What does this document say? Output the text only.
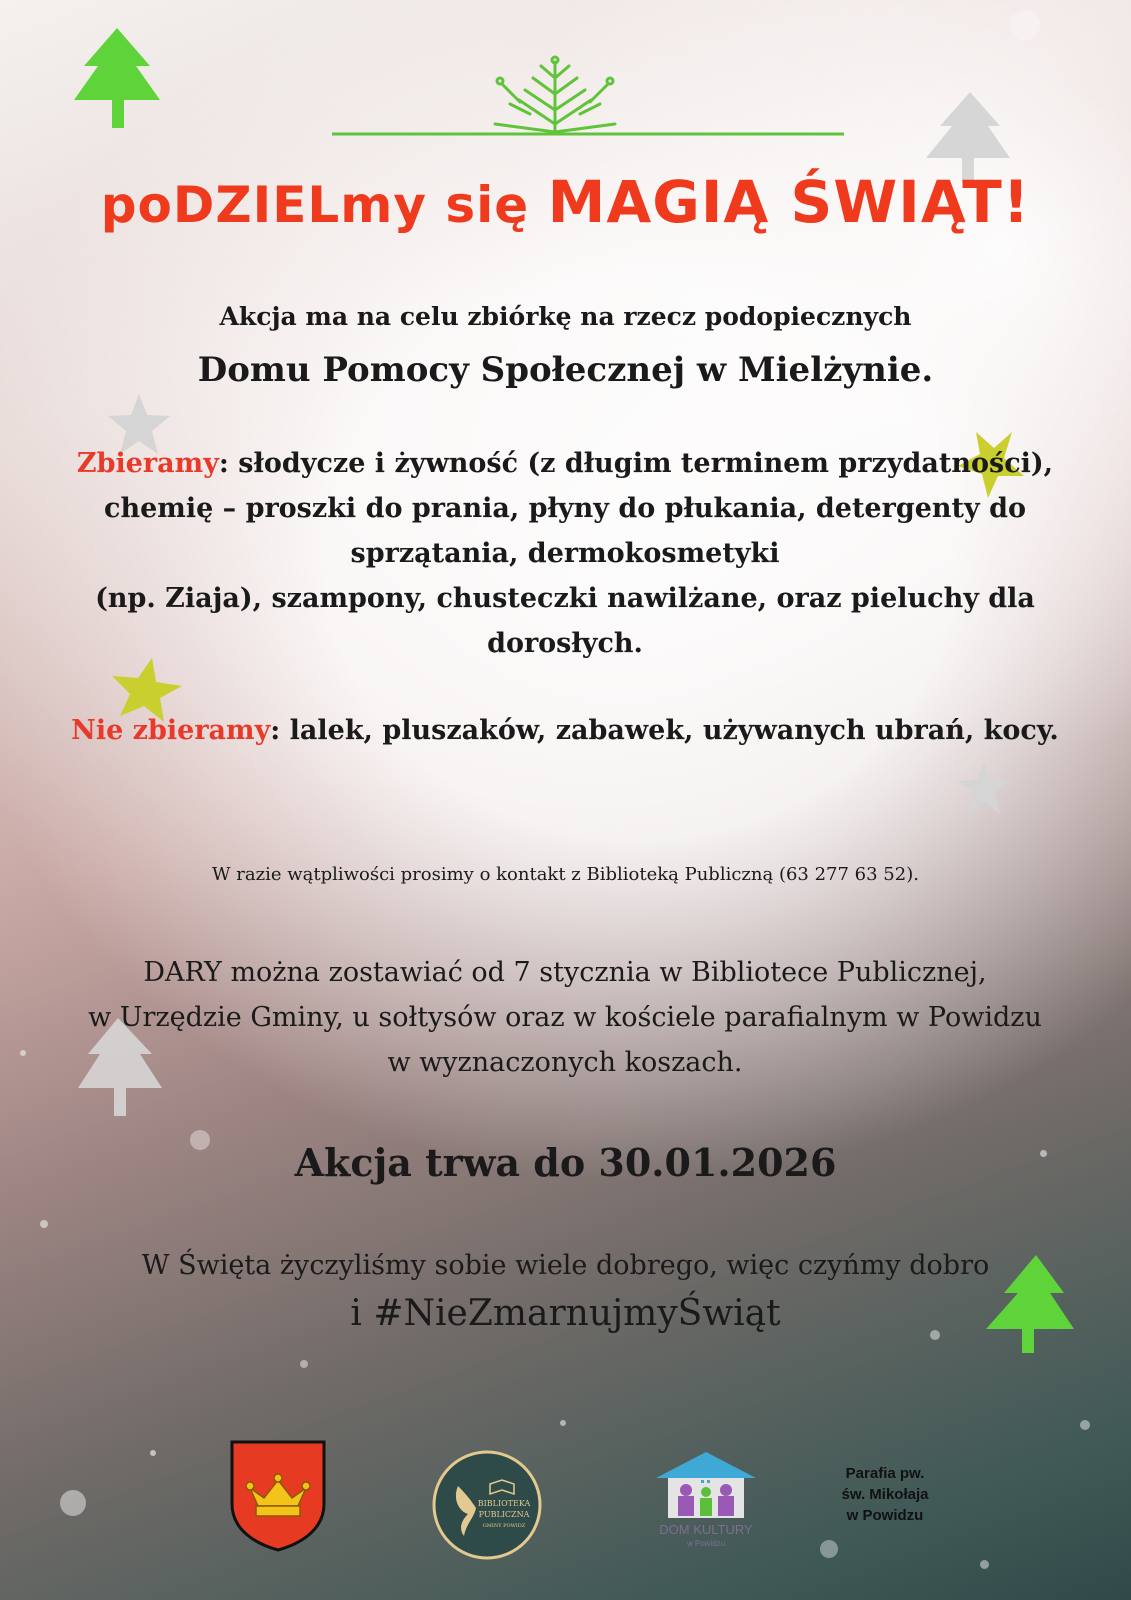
poDZIELmy się MAGIĄ ŚWIĄT!

Akcja ma na celu zbiórkę na rzecz podopiecznych

Domu Pomocy Społecznej w Mielżynie.

Zbieramy: słodycze i żywność (z długim terminem przydatności),
chemię – proszki do prania, płyny do płukania, detergenty do
sprzątania, dermokosmetyki
(np. Ziaja), szampony, chusteczki nawilżane, oraz pieluchy dla
dorosłych.
Nie zbieramy: lalek, pluszaków, zabawek, używanych ubrań, kocy.

W razie wątpliwości prosimy o kontakt z Biblioteką Publiczną (63 277 63 52).

DARY można zostawiać od 7 stycznia w Bibliotece Publicznej,
w Urzędzie Gminy, u sołtysów oraz w kościele parafialnym w Powidzu
w wyznaczonych koszach.

Akcja trwa do 30.01.2026

W Święta życzyliśmy sobie wiele dobrego, więc czyńmy dobro

i #NieZmarnujmyŚwiąt

BIBLIOTEKA
PUBLICZNA
GMINY POWIDZ	DOM KULTURY
w Powidzu
Parafia pw.
św. Mikołaja
w Powidzu
